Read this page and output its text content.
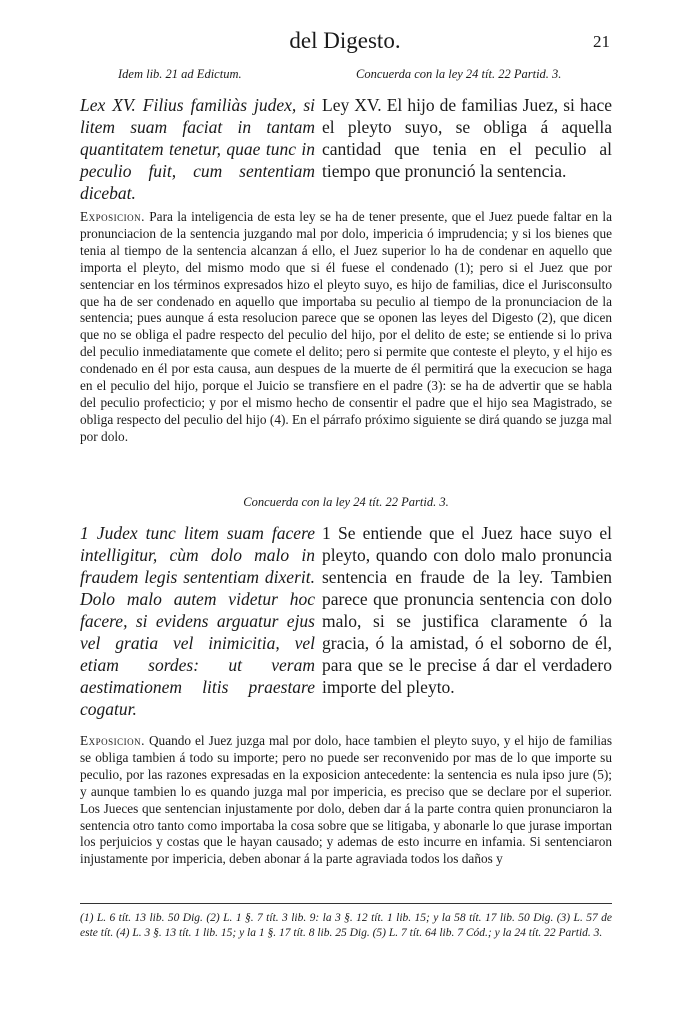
del Digesto.	21
Idem lib. 21 ad Edictum.	Concuerda con la ley 24 tít. 22 Partid. 3.
Lex XV. Filius familiàs judex, si litem suam faciat in tantam quantitatem tenetur, quae tunc in peculio fuit, cum sententiam dicebat.
Ley XV. El hijo de familias Juez, si hace el pleyto suyo, se obliga á aquella cantidad que tenia en el peculio al tiempo que pronunció la sentencia.
Exposicion. Para la inteligencia de esta ley se ha de tener presente, que el Juez puede faltar en la pronunciacion de la sentencia juzgando mal por dolo, impericia ó imprudencia; y si los bienes que tenia al tiempo de la sentencia alcanzan á ello, el Juez superior lo ha de condenar en aquello que importa el pleyto, del mismo modo que si él fuese el condenado (1); pero si el Juez que por sentenciar en los términos expresados hizo el pleyto suyo, es hijo de familias, dice el Jurisconsulto que ha de ser condenado en aquello que importaba su peculio al tiempo de la pronunciacion de la sentencia; pues aunque á esta resolucion parece que se oponen las leyes del Digesto (2), que dicen que no se obliga el padre respecto del peculio del hijo, por el delito de este; se entiende si lo priva del peculio inmediatamente que comete el delito; pero si permite que conteste el pleyto, y el hijo es condenado en él por esta causa, aun despues de la muerte de él permitirá que la execucion se haga en el peculio del hijo, porque el Juicio se transfiere en el padre (3): se ha de advertir que se habla del peculio profecticio; y por el mismo hecho de consentir el padre que el hijo sea Magistrado, se obliga respecto del peculio del hijo (4). En el párrafo próximo siguiente se dirá quando se juzga mal por dolo.
Concuerda con la ley 24 tít. 22 Partid. 3.
1 Judex tunc litem suam facere intelligitur, cùm dolo malo in fraudem legis sententiam dixerit. Dolo malo autem videtur hoc facere, si evidens arguatur ejus vel gratia vel inimicitia, vel etiam sordes: ut veram aestimationem litis praestare cogatur.
1 Se entiende que el Juez hace suyo el pleyto, quando con dolo malo pronuncia sentencia en fraude de la ley. Tambien parece que pronuncia sentencia con dolo malo, si se justifica claramente ó la gracia, ó la amistad, ó el soborno de él, para que se le precise á dar el verdadero importe del pleyto.
Exposicion. Quando el Juez juzga mal por dolo, hace tambien el pleyto suyo, y el hijo de familias se obliga tambien á todo su importe; pero no puede ser reconvenido por mas de lo que importe su peculio, por las razones expresadas en la exposicion antecedente: la sentencia es nula ipso jure (5); y aunque tambien lo es quando juzga mal por impericia, es preciso que se declare por el superior. Los Jueces que sentencian injustamente por dolo, deben dar á la parte contra quien pronunciaron la sentencia otro tanto como importaba la cosa sobre que se litigaba, y abonarle lo que jurase importan los perjuicios y costas que le hayan causado; y ademas de esto incurre en infamia. Si sentenciaron injustamente por impericia, deben abonar á la parte agraviada todos los daños y
(1) L. 6 tít. 13 lib. 50 Dig. (2) L. 1 §. 7 tít. 3 lib. 9: la 3 §. 12 tít. 1 lib. 15; y la 58 tít. 17 lib. 50 Dig. (3) L. 57 de este tít. (4) L. 3 §. 13 tít. 1 lib. 15; y la 1 §. 17 tít. 8 lib. 25 Dig. (5) L. 7 tít. 64 lib. 7 Cód.; y la 24 tít. 22 Partid. 3.
